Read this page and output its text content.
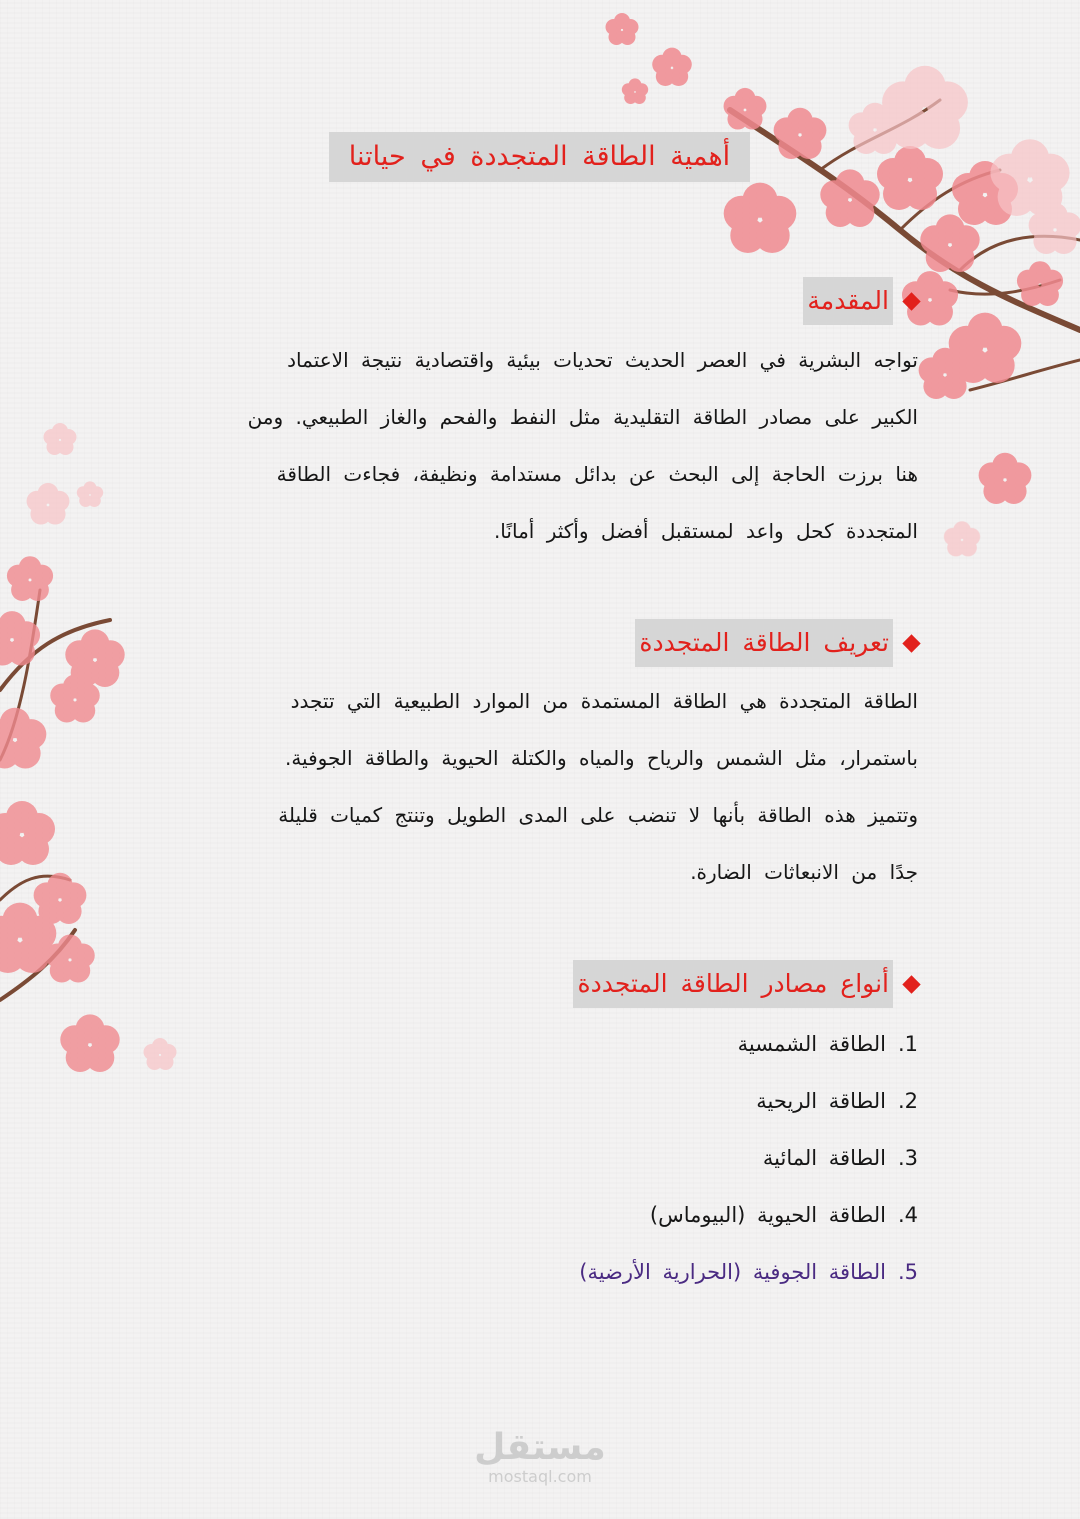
أهمية الطاقة المتجددة في حياتنا
المقدمة

تواجه البشرية في العصر الحديث تحديات بيئية واقتصادية نتيجة الاعتماد
الكبير على مصادر الطاقة التقليدية مثل النفط والفحم والغاز الطبيعي. ومن
هنا برزت الحاجة إلى البحث عن بدائل مستدامة ونظيفة، فجاءت الطاقة
المتجددة كحل واعد لمستقبل أفضل وأكثر أمانًا.

تعريف الطاقة المتجددة

الطاقة المتجددة هي الطاقة المستمدة من الموارد الطبيعية التي تتجدد
باستمرار، مثل الشمس والرياح والمياه والكتلة الحيوية والطاقة الجوفية.
وتتميز هذه الطاقة بأنها لا تنضب على المدى الطويل وتنتج كميات قليلة
جدًا من الانبعاثات الضارة.

أنواع مصادر الطاقة المتجددة
1.
الطاقة الشمسية
2.
الطاقة الريحية
3.
الطاقة المائية
4.
الطاقة الحيوية (البيوماس)
5.
الطاقة الجوفية (الحرارية الأرضية)
مستقل
mostaql.com
